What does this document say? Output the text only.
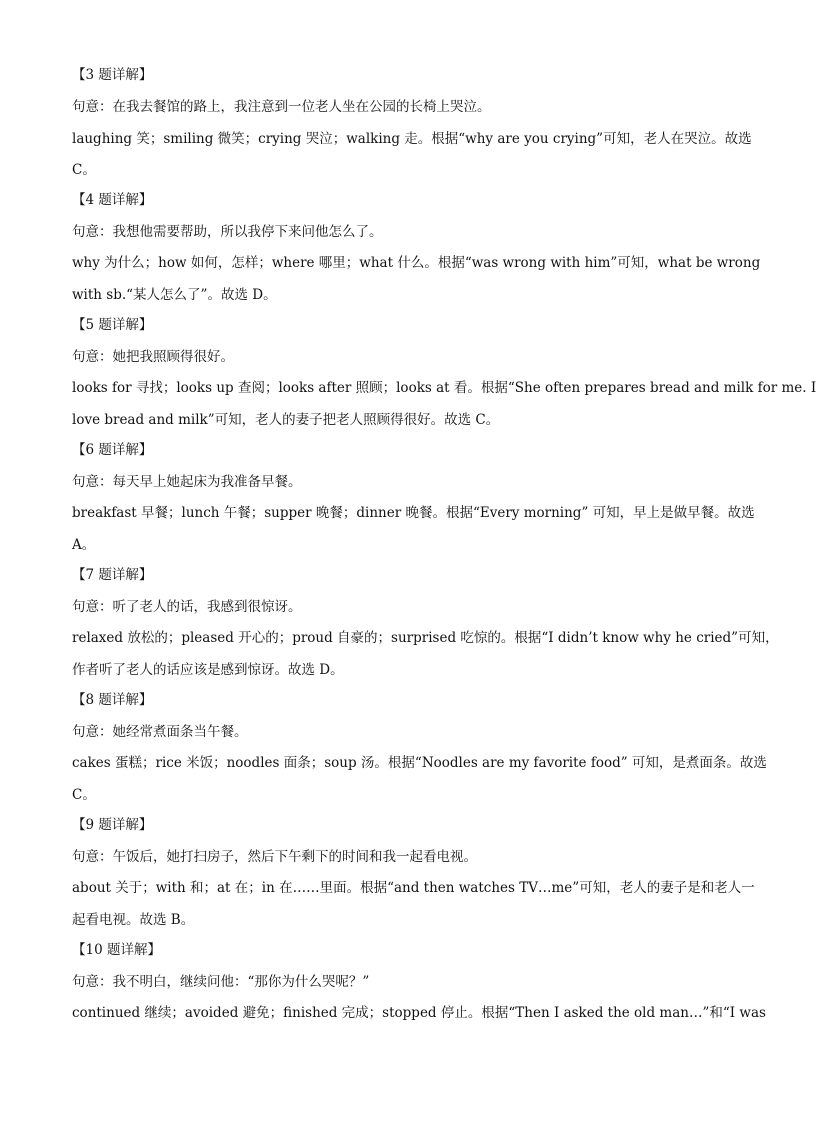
【3 题详解】
句意：在我去餐馆的路上，我注意到一位老人坐在公园的长椅上哭泣。
laughing 笑；smiling 微笑；crying 哭泣；walking 走。根据“why are you crying”可知，老人在哭泣。故选
C。
【4 题详解】
句意：我想他需要帮助，所以我停下来问他怎么了。
why 为什么；how 如何，怎样；where 哪里；what 什么。根据“was wrong with him”可知，what be wrong
with sb.“某人怎么了”。故选 D。
【5 题详解】
句意：她把我照顾得很好。
looks for 寻找；looks up 查阅；looks after 照顾；looks at 看。根据“She often prepares bread and milk for me. I
love bread and milk”可知，老人的妻子把老人照顾得很好。故选 C。
【6 题详解】
句意：每天早上她起床为我准备早餐。
breakfast 早餐；lunch 午餐；supper 晚餐；dinner 晚餐。根据“Every morning” 可知，早上是做早餐。故选
A。
【7 题详解】
句意：听了老人的话，我感到很惊讶。
relaxed 放松的；pleased 开心的；proud 自豪的；surprised 吃惊的。根据“I didn’t know why he cried”可知，
作者听了老人的话应该是感到惊讶。故选 D。
【8 题详解】
句意：她经常煮面条当午餐。
cakes 蛋糕；rice 米饭；noodles 面条；soup 汤。根据“Noodles are my favorite food” 可知，是煮面条。故选
C。
【9 题详解】
句意：午饭后，她打扫房子，然后下午剩下的时间和我一起看电视。
about 关于；with 和；at 在；in 在……里面。根据“and then watches TV…me”可知，老人的妻子是和老人一
起看电视。故选 B。
【10 题详解】
句意：我不明白，继续问他：“那你为什么哭呢？”
continued 继续；avoided 避免；finished 完成；stopped 停止。根据“Then I asked the old man…”和“I was
